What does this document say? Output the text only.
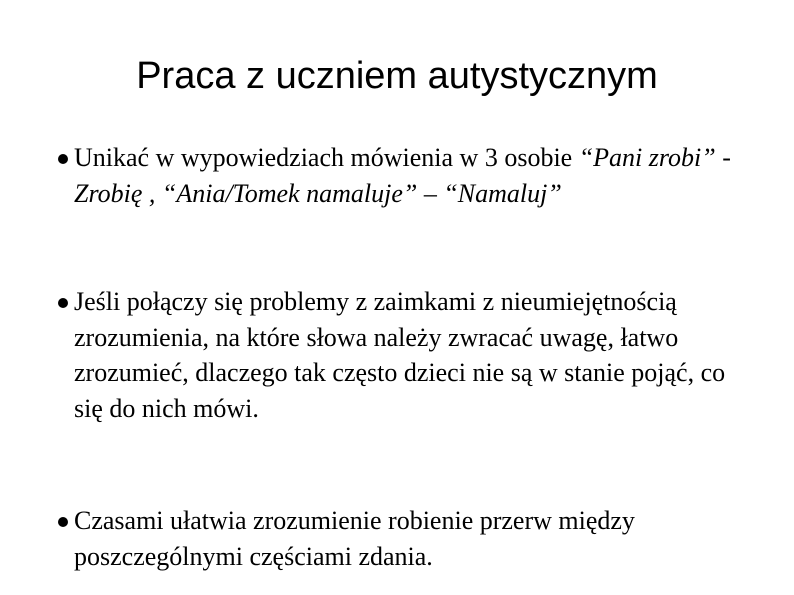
Praca z uczniem autystycznym
Unikać w wypowiedziach mówienia w 3 osobie “Pani zrobi” - Zrobię , “Ania/Tomek namaluje” – “Namaluj”
Jeśli połączy się problemy z zaimkami z nieumiejętnością zrozumienia, na które słowa należy zwracać uwagę, łatwo zrozumieć, dlaczego tak często dzieci nie są w stanie pojąć, co się do nich mówi.
Czasami ułatwia zrozumienie robienie przerw między poszczególnymi częściami zdania.
